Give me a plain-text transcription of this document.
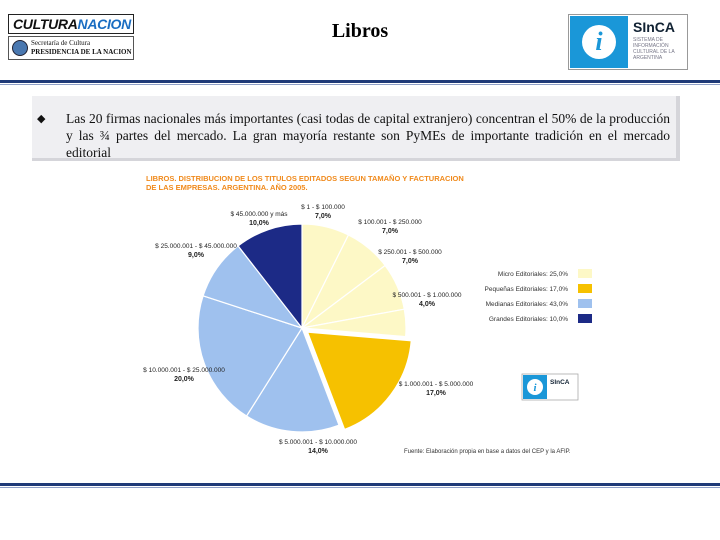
CULTURANACION
Secretaría de Cultura
PRESIDENCIA DE LA NACION
Libros	i	SInCA
SISTEMA DE INFORMACIÓN CULTURAL DE LA ARGENTINA
◆ Las 20 firmas nacionales más importantes (casi todas de capital extranjero) concentran el 50% de la producción y las ¾ partes del mercado. La gran mayoría restante son PyMEs de importante tradición en el mercado editorial
LIBROS. DISTRIBUCION DE LOS TITULOS EDITADOS SEGUN TAMAÑO Y FACTURACION
DE LAS EMPRESAS. ARGENTINA. AÑO 2005.
$ 1 - $ 100.000
7,0%
$ 100.001 - $ 250.000
7,0%
$ 250.001 - $ 500.000
7,0%
$ 500.001 - $ 1.000.000
4,0%
$ 1.000.001 - $ 5.000.000
17,0%
$ 5.000.001 - $ 10.000.000
14,0%
$ 10.000.001 - $ 25.000.000
20,0%
$ 25.000.001 - $ 45.000.000
9,0%
$ 45.000.000 y más
10,0%
Micro Editoriales: 25,0%
Pequeñas Editoriales: 17,0%
Medianas Editoriales: 43,0%
Grandes Editoriales: 10,0%
i SInCA
Fuente: Elaboración propia en base a datos del CEP y la AFIP.
